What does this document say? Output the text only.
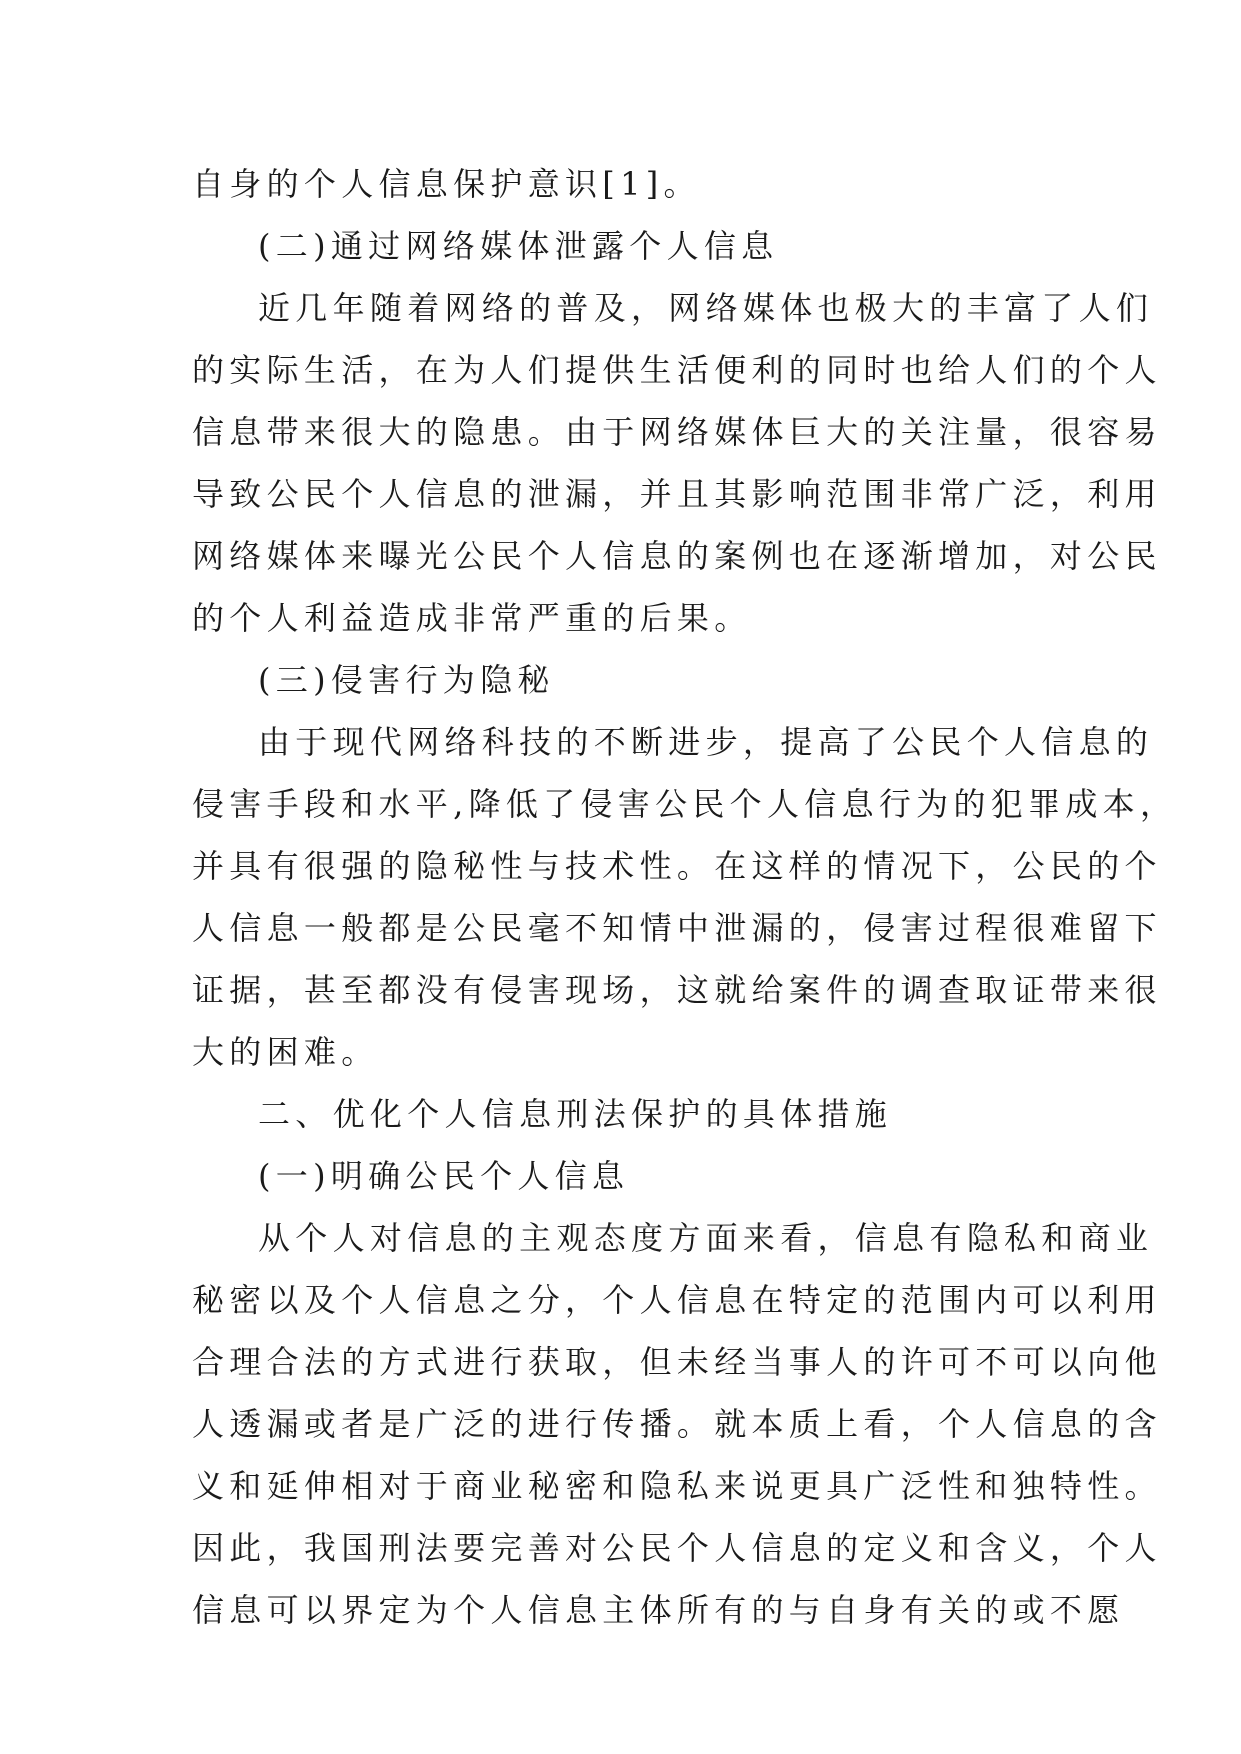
自身的个人信息保护意识[1]。

(二)通过网络媒体泄露个人信息

近几年随着网络的普及，网络媒体也极大的丰富了人们

的实际生活，在为人们提供生活便利的同时也给人们的个人

信息带来很大的隐患。由于网络媒体巨大的关注量，很容易

导致公民个人信息的泄漏，并且其影响范围非常广泛，利用

网络媒体来曝光公民个人信息的案例也在逐渐增加，对公民

的个人利益造成非常严重的后果。

(三)侵害行为隐秘

由于现代网络科技的不断进步，提高了公民个人信息的

侵害手段和水平,降低了侵害公民个人信息行为的犯罪成本，

并具有很强的隐秘性与技术性。在这样的情况下，公民的个

人信息一般都是公民毫不知情中泄漏的，侵害过程很难留下

证据，甚至都没有侵害现场，这就给案件的调查取证带来很

大的困难。

二、优化个人信息刑法保护的具体措施

(一)明确公民个人信息

从个人对信息的主观态度方面来看，信息有隐私和商业

秘密以及个人信息之分，个人信息在特定的范围内可以利用

合理合法的方式进行获取，但未经当事人的许可不可以向他

人透漏或者是广泛的进行传播。就本质上看，个人信息的含

义和延伸相对于商业秘密和隐私来说更具广泛性和独特性。

因此，我国刑法要完善对公民个人信息的定义和含义，个人

信息可以界定为个人信息主体所有的与自身有关的或不愿
